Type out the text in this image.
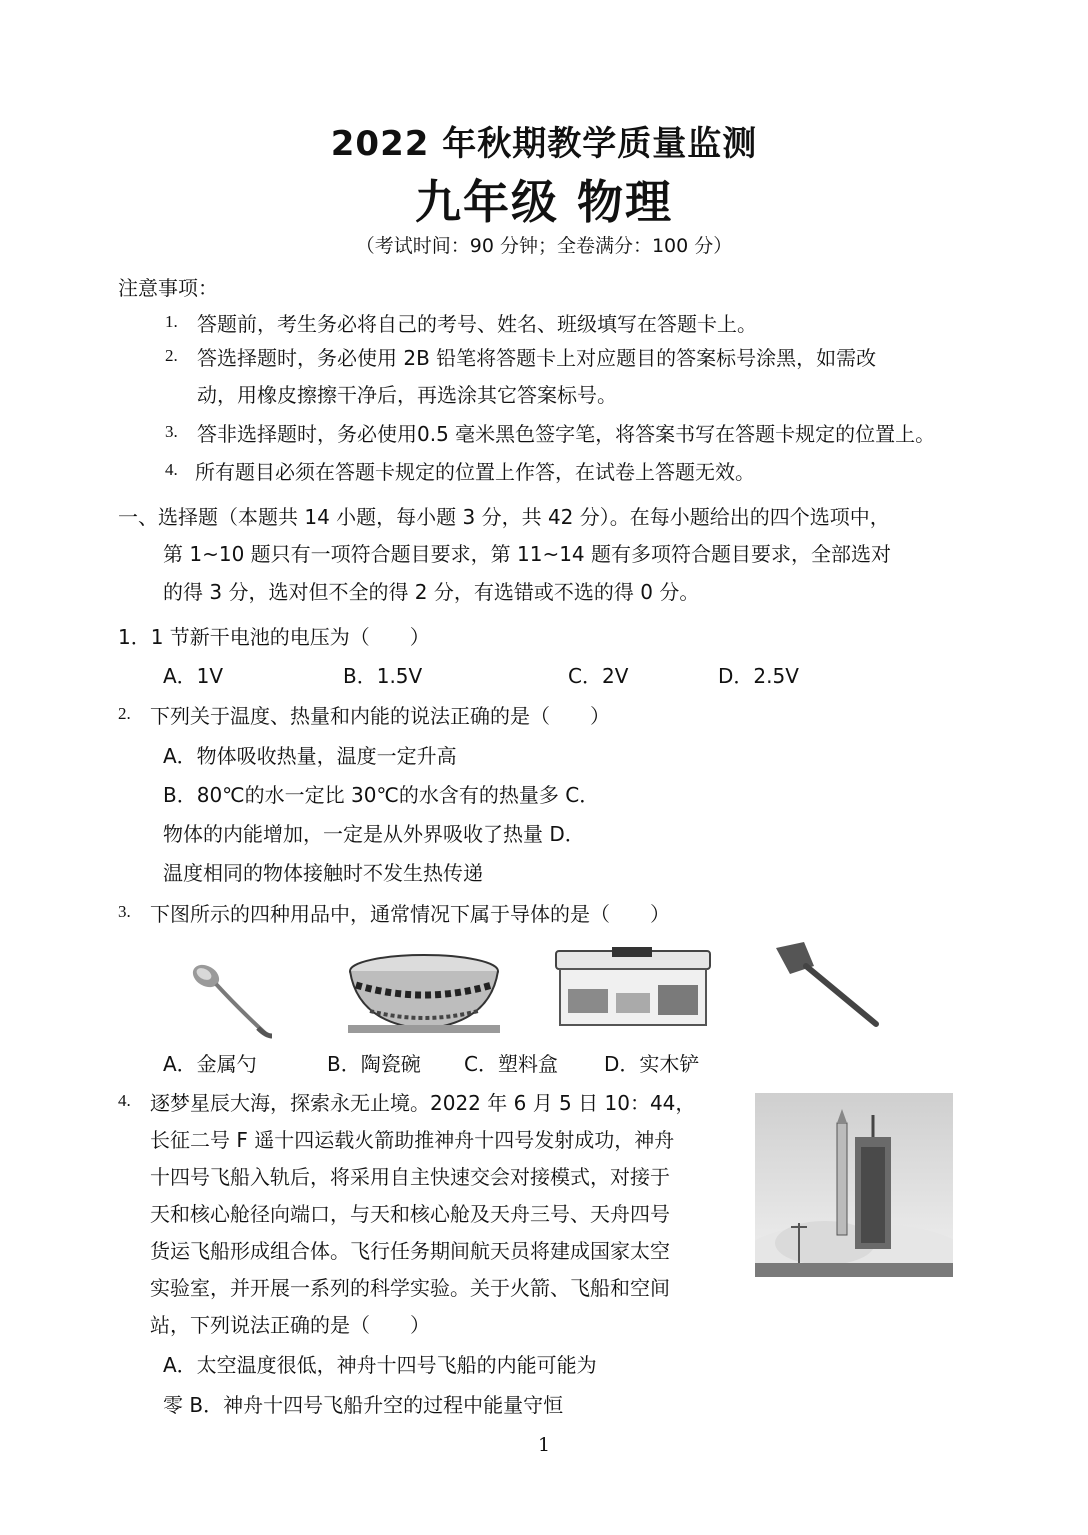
2022 年秋期教学质量监测
九年级 物理
（考试时间：90 分钟；全卷满分：100 分）
注意事项：
1. 答题前，考生务必将自己的考号、姓名、班级填写在答题卡上。
2. 答选择题时，务必使用 2B 铅笔将答题卡上对应题目的答案标号涂黑，如需改
动，用橡皮擦擦干净后，再选涂其它答案标号。
3. 答非选择题时，务必使用0.5 毫米黑色签字笔，将答案书写在答题卡规定的位置上。
4. 所有题目必须在答题卡规定的位置上作答，在试卷上答题无效。
一、选择题（本题共 14 小题，每小题 3 分，共 42 分）。在每小题给出的四个选项中，
第 1~10 题只有一项符合题目要求，第 11~14 题有多项符合题目要求，全部选对
的得 3 分，选对但不全的得 2 分，有选错或不选的得 0 分。
1．1 节新干电池的电压为（　　）
A．1V	B．1.5V	C．2V	D．2.5V
2. 下列关于温度、热量和内能的说法正确的是（　　）
A．物体吸收热量，温度一定升高
B．80℃的水一定比 30℃的水含有的热量多 C．
物体的内能增加，一定是从外界吸收了热量 D．
温度相同的物体接触时不发生热传递
3. 下图所示的四种用品中，通常情况下属于导体的是（　　）
A．金属勺	B．陶瓷碗 C．塑料盒 D．实木铲
4. 逐梦星辰大海，探索永无止境。2022 年 6 月 5 日 10：44，
长征二号 F 遥十四运载火箭助推神舟十四号发射成功，神舟
十四号飞船入轨后，将采用自主快速交会对接模式，对接于
天和核心舱径向端口，与天和核心舱及天舟三号、天舟四号
货运飞船形成组合体。飞行任务期间航天员将建成国家太空
实验室，并开展一系列的科学实验。关于火箭、飞船和空间
站，下列说法正确的是（　　）
A．太空温度很低，神舟十四号飞船的内能可能为
零 B．神舟十四号飞船升空的过程中能量守恒
1
